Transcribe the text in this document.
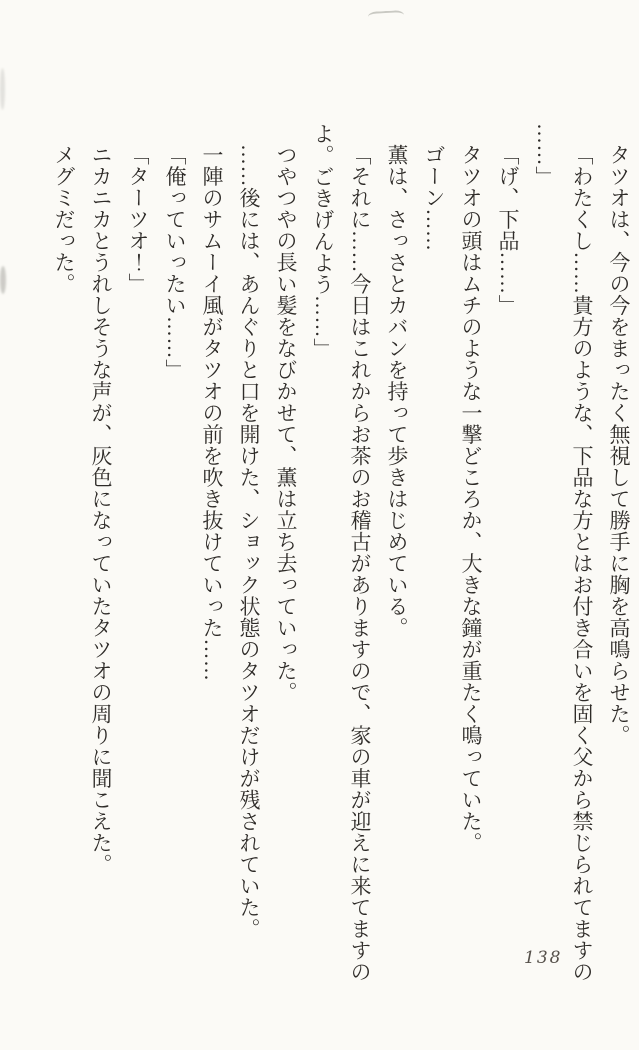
タツオは、今の今をまったく無視して勝手に胸を高鳴らせた。
「わたくし……貴方のような、下品な方とはお付き合いを固く父から禁じられてますの
……」
「げ、下品……」
タツオの頭はムチのような一撃どころか、大きな鐘が重たく鳴っていた。
ゴーン……
薫は、さっさとカバンを持って歩きはじめている。
「それに……今日はこれからお茶のお稽古がありますので、家の車が迎えに来てますの
よ。ごきげんよう……」
つやつやの長い髪をなびかせて、薫は立ち去っていった。
……後には、あんぐりと口を開けた、ショック状態のタツオだけが残されていた。
一陣のサムーイ風がタツオの前を吹き抜けていった……
「俺っていったい……」
「ターツオ！」
ニカニカとうれしそうな声が、灰色になっていたタツオの周りに聞こえた。
メグミだった。
138
